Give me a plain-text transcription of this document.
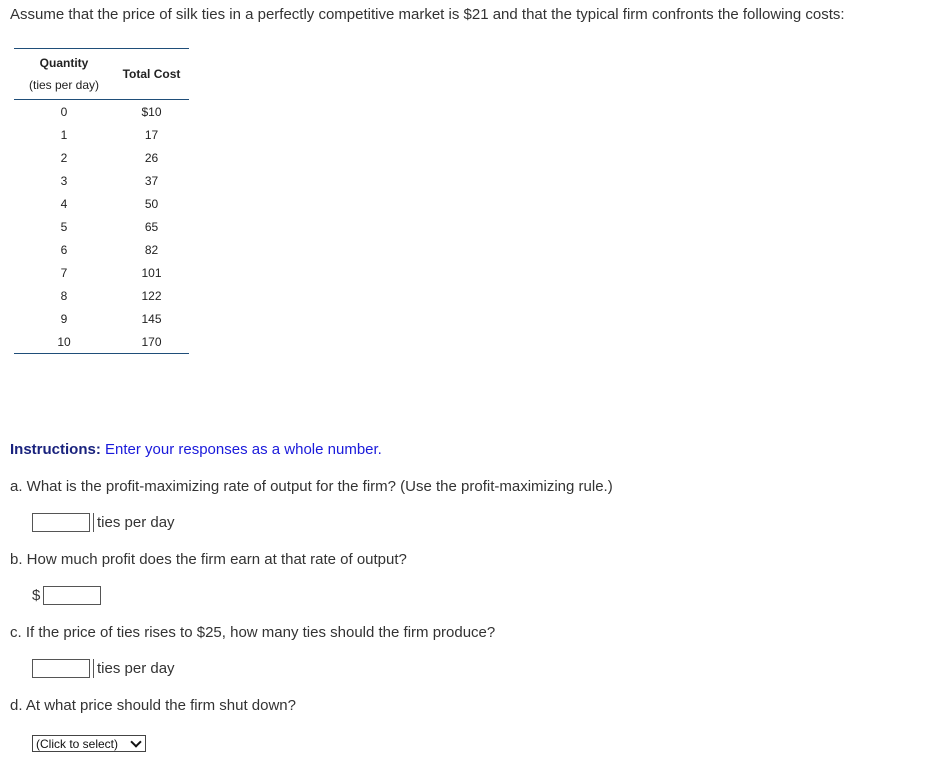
Assume that the price of silk ties in a perfectly competitive market is $21 and that the typical firm confronts the following costs:
Quantity
(ties per day)	Total Cost
0	$10
1	17
2	26
3	37
4	50
5	65
6	82
7	101
8	122
9	145
10	170
Instructions: Enter your responses as a whole number.
a. What is the profit-maximizing rate of output for the firm? (Use the profit-maximizing rule.)
ties per day
b. How much profit does the firm earn at that rate of output?
$
c. If the price of ties rises to $25, how many ties should the firm produce?
ties per day
d. At what price should the firm shut down?
(Click to select)
